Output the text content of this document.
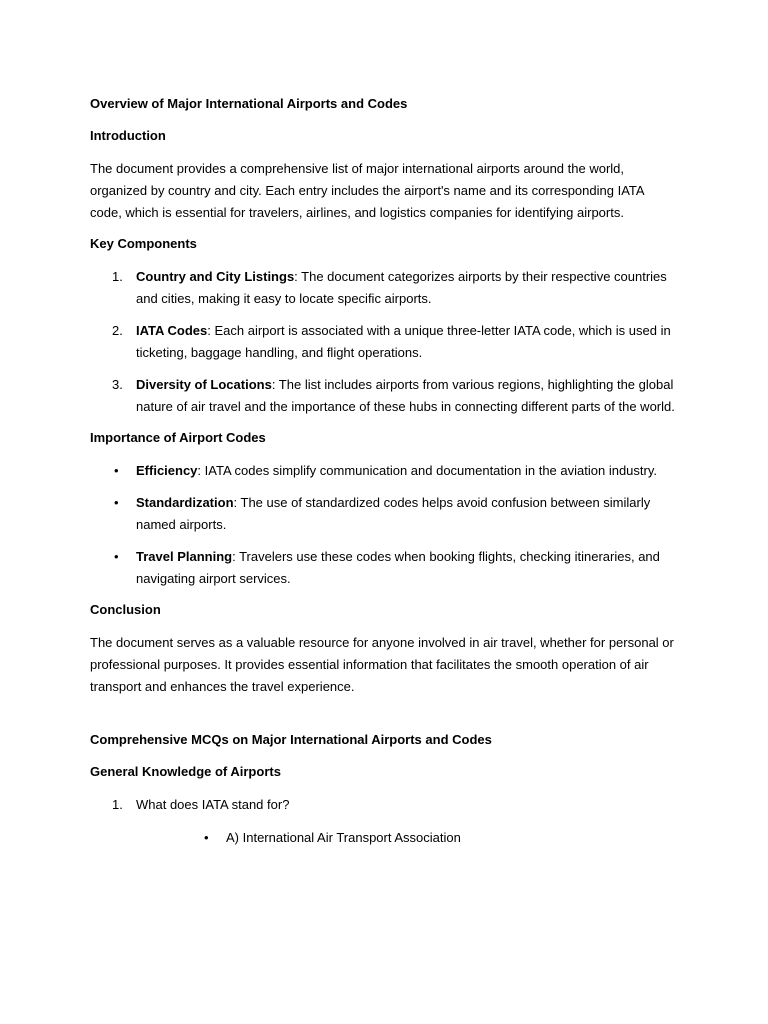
Overview of Major International Airports and Codes
Introduction
The document provides a comprehensive list of major international airports around the world, organized by country and city. Each entry includes the airport's name and its corresponding IATA code, which is essential for travelers, airlines, and logistics companies for identifying airports.
Key Components
1. Country and City Listings: The document categorizes airports by their respective countries and cities, making it easy to locate specific airports.
2. IATA Codes: Each airport is associated with a unique three-letter IATA code, which is used in ticketing, baggage handling, and flight operations.
3. Diversity of Locations: The list includes airports from various regions, highlighting the global nature of air travel and the importance of these hubs in connecting different parts of the world.
Importance of Airport Codes
• Efficiency: IATA codes simplify communication and documentation in the aviation industry.
• Standardization: The use of standardized codes helps avoid confusion between similarly named airports.
• Travel Planning: Travelers use these codes when booking flights, checking itineraries, and navigating airport services.
Conclusion
The document serves as a valuable resource for anyone involved in air travel, whether for personal or professional purposes. It provides essential information that facilitates the smooth operation of air transport and enhances the travel experience.
Comprehensive MCQs on Major International Airports and Codes
General Knowledge of Airports
1. What does IATA stand for?
• A) International Air Transport Association
